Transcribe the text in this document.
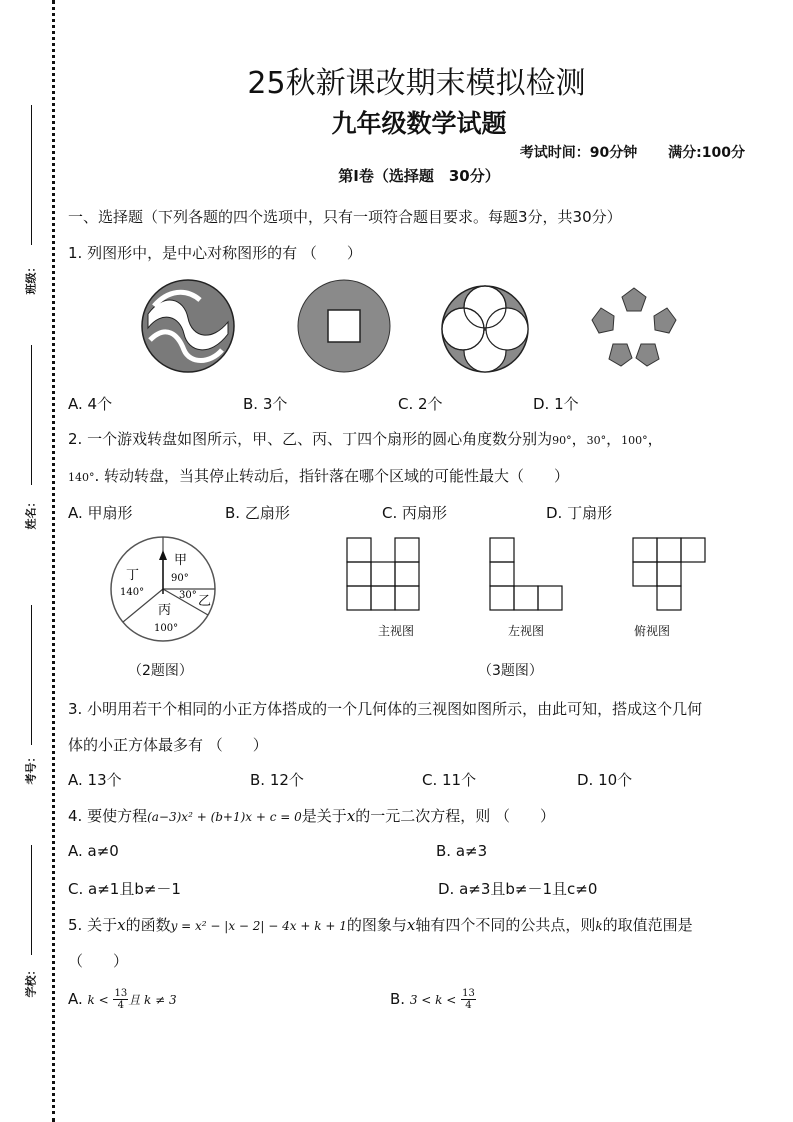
班级：
姓名：
考号：
学校：
25秋新课改期末模拟检测
九年级数学试题
考试时间：90分钟 满分:100分
第Ⅰ卷（选择题　30分）
一、选择题（下列各题的四个选项中，只有一项符合题目要求。每题3分，共30分）
1. 列图形中，是中心对称图形的有 （　　）
A. 4个	B. 3个	C. 2个	D. 1个
2. 一个游戏转盘如图所示，甲、乙、丙、丁四个扇形的圆心角度数分别为90°，30°，100°，
140°. 转动转盘，当其停止转动后，指针落在哪个区域的可能性最大（　　）
A. 甲扇形	B. 乙扇形	C. 丙扇形	D. 丁扇形
甲
90°
乙
30°
丙
100°
丁
140°
（2题图）
主视图	左视图	俯视图
（3题图）
3. 小明用若干个相同的小正方体搭成的一个几何体的三视图如图所示，由此可知，搭成这个几何
体的小正方体最多有 （　　）
A. 13个	B. 12个	C. 11个	D. 10个
4. 要使方程(a−3)x² + (b+1)x + c = 0是关于x的一元二次方程，则 （　　）
A. a≠0	B. a≠3
C. a≠1且b≠－1	D. a≠3且b≠－1且c≠0
5. 关于x的函数y = x² − |x − 2| − 4x + k + 1的图象与x轴有四个不同的公共点，则k的取值范围是
（　　）
A. $k < \frac{13}{4}$ 且 k ≠ 3	B. $3 < k < \frac{13}{4}$
